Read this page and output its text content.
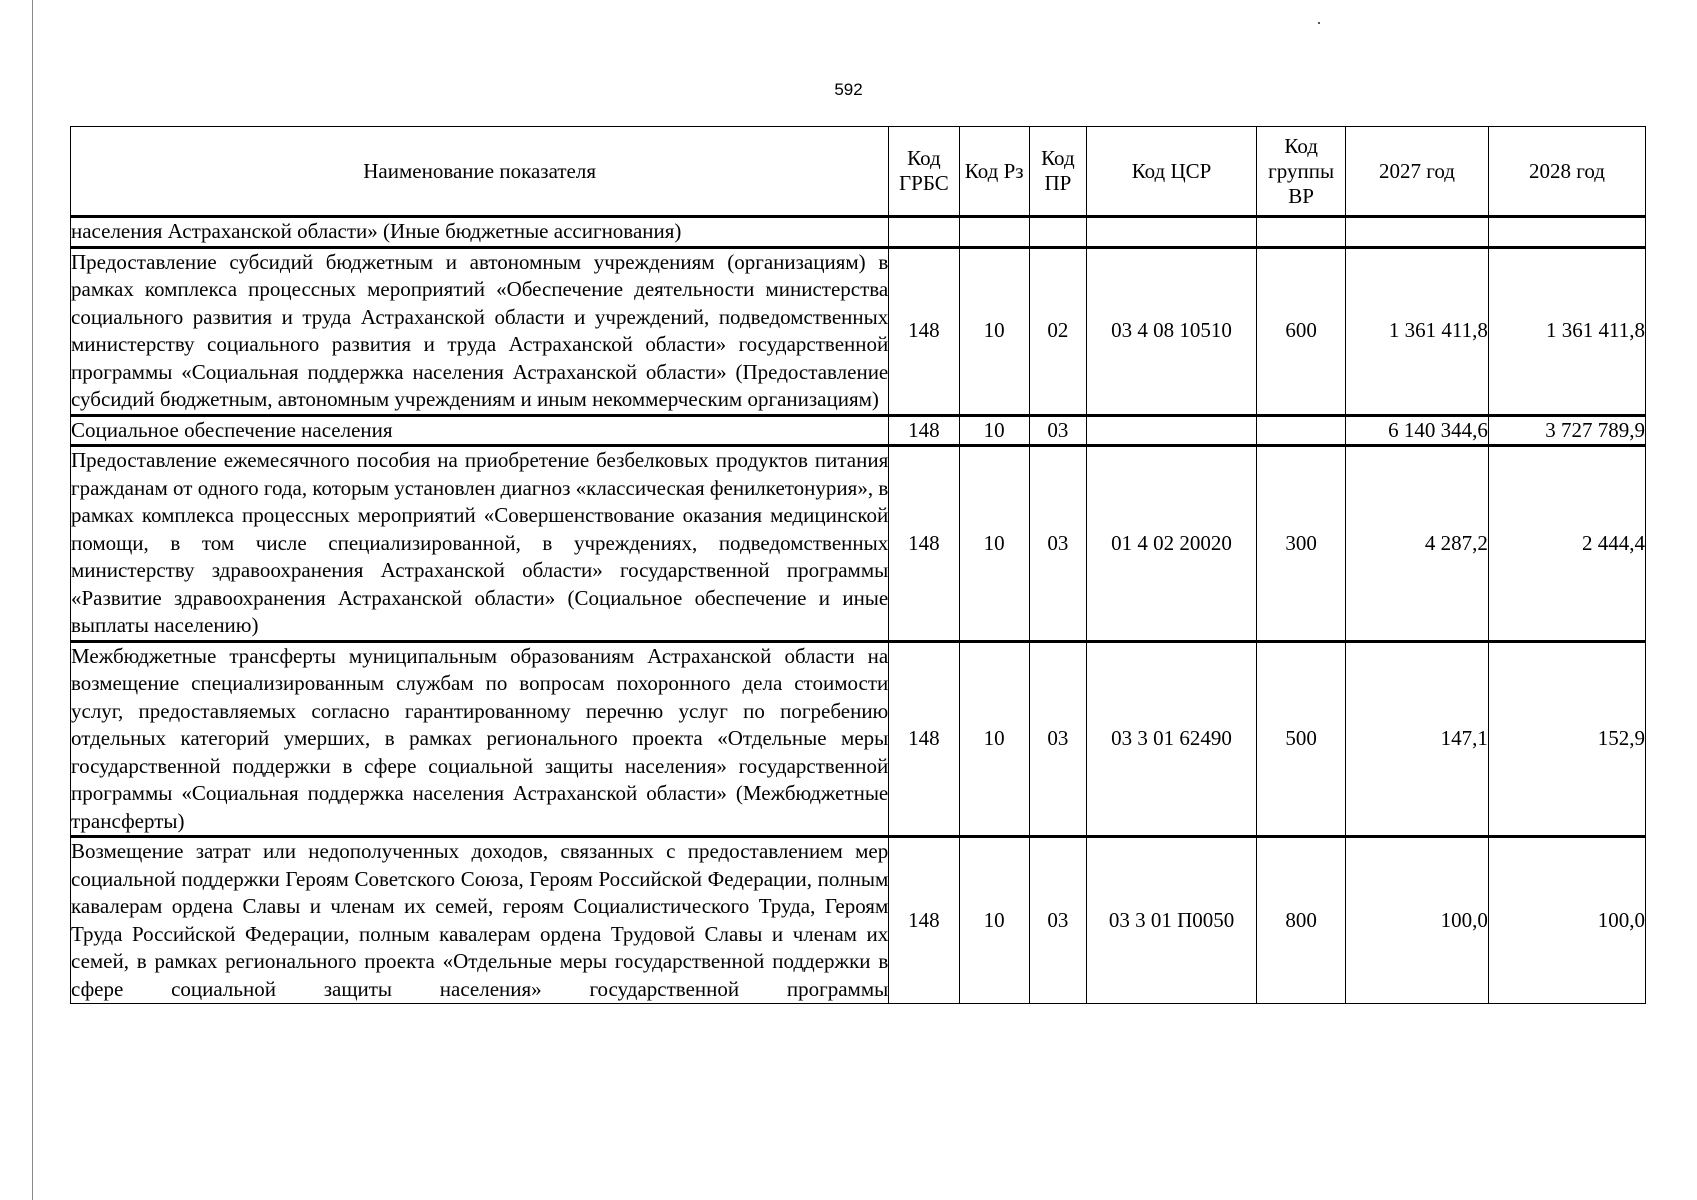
592
Наименование показателя	Код ГРБС	Код Рз	Код ПР	Код ЦСР	Код группы ВР	2027 год	2028 год
населения Астраханской области» (Иные бюджетные ассигнования)							
Предоставление субсидий бюджетным и автономным учреждениям (организациям) в рамках комплекса процессных мероприятий «Обеспечение деятельности министерства социального развития и труда Астраханской области и учреждений, подведомственных министерству социального развития и труда Астраханской области» государственной программы «Социальная поддержка населения Астраханской области» (Предоставление субсидий бюджетным, автономным учреждениям и иным некоммерческим организациям)	148	10	02	03 4 08 10510	600	1 361 411,8	1 361 411,8
Социальное обеспечение населения	148	10	03			6 140 344,6	3 727 789,9
Предоставление ежемесячного пособия на приобретение безбелковых продуктов питания гражданам от одного года, которым установлен диагноз «классическая фенилкетонурия», в рамках комплекса процессных мероприятий «Совершенствование оказания медицинской помощи, в том числе специализированной, в учреждениях, подведомственных министерству здравоохранения Астраханской области» государственной программы «Развитие здравоохранения Астраханской области» (Социальное обеспечение и иные выплаты населению)	148	10	03	01 4 02 20020	300	4 287,2	2 444,4
Межбюджетные трансферты муниципальным образованиям Астраханской области на возмещение специализированным службам по вопросам похоронного дела стоимости услуг, предоставляемых согласно гарантированному перечню услуг по погребению отдельных категорий умерших, в рамках регионального проекта «Отдельные меры государственной поддержки в сфере социальной защиты населения» государственной программы «Социальная поддержка населения Астраханской области» (Межбюджетные трансферты)	148	10	03	03 3 01 62490	500	147,1	152,9
Возмещение затрат или недополученных доходов, связанных с предоставлением мер социальной поддержки Героям Советского Союза, Героям Российской Федерации, полным кавалерам ордена Славы и членам их семей, героям Социалистического Труда, Героям Труда Российской Федерации, полным кавалерам ордена Трудовой Славы и членам их семей, в рамках регионального проекта «Отдельные меры государственной поддержки в сфере социальной защиты населения» государственной программы	148	10	03	03 3 01 П0050	800	100,0	100,0
